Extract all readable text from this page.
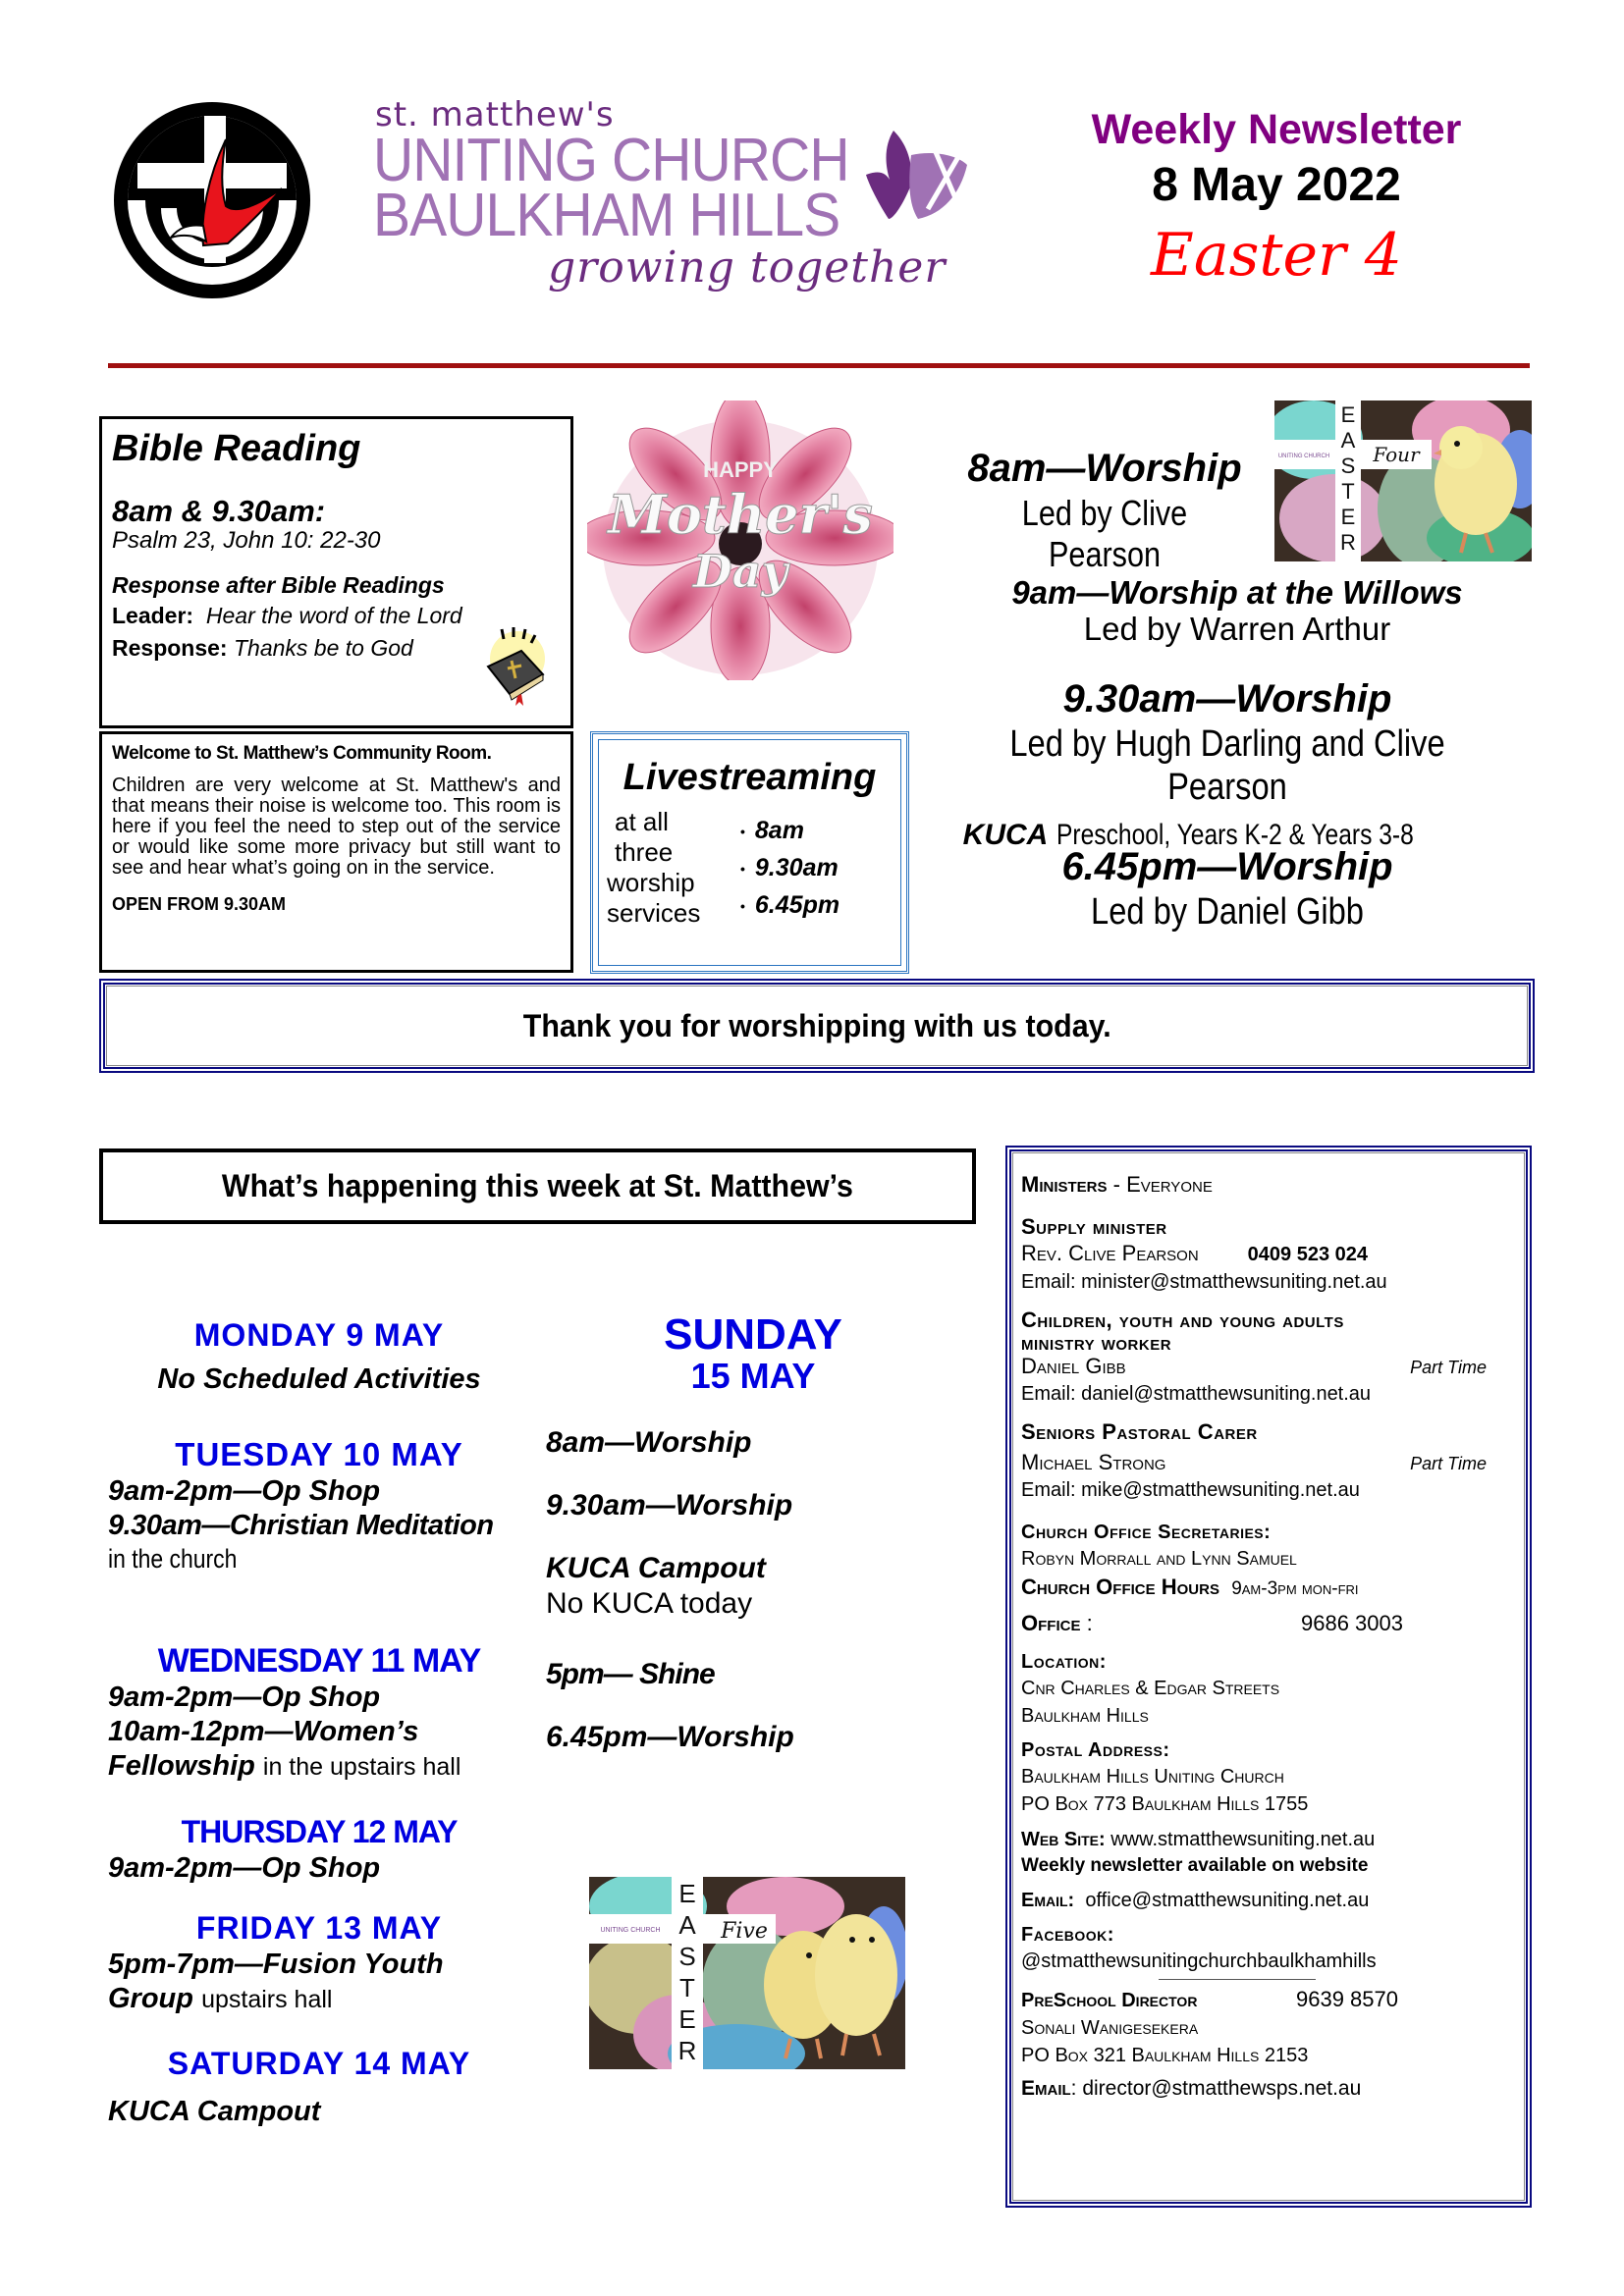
st. matthew's
UNITING CHURCH
BAULKHAM HILLS
growing together
Weekly Newsletter
8 May 2022
Easter 4
Bible Reading
8am & 9.30am:
Psalm 23, John 10: 22-30
Response after Bible Readings
Leader: Hear the word of the Lord
Response: Thanks be to God
Welcome to St. Matthew’s Community Room.
Children are very welcome at St. Matthew's and that means their noise is welcome too. This room is here if you feel the need to step out of the service or would like some more privacy but still want to see and hear what’s going on in the service.
OPEN FROM 9.30AM
HAPPY
Mother's
Day
Livestreaming
at all
three
worship
services
• 8am
• 9.30am
• 6.45pm
E
A
S
T
E
R
Four
UNITING CHURCH
8am—Worship
Led by Clive Pearson
9am—Worship at the Willows
Led by Warren Arthur
9.30am—Worship
Led by Hugh Darling and Clive Pearson
KUCA Preschool, Years K-2 & Years 3-8
6.45pm—Worship
Led by Daniel Gibb
Thank you for worshipping with us today.
What’s happening this week at St. Matthew’s
MONDAY 9 MAY
No Scheduled Activities
TUESDAY 10 MAY
9am-2pm—Op Shop
9.30am—Christian Meditation
in the church
WEDNESDAY 11 MAY
9am-2pm—Op Shop
10am-12pm—Women’s
Fellowship in the upstairs hall
THURSDAY 12 MAY
9am-2pm—Op Shop
FRIDAY 13 MAY
5pm-7pm—Fusion Youth
Group upstairs hall
SATURDAY 14 MAY
KUCA Campout
SUNDAY
15 MAY
8am—Worship
9.30am—Worship
KUCA Campout
No KUCA today
5pm— Shine
6.45pm—Worship
E
A
S
T
E
R
Five
UNITING CHURCH
Ministers - Everyone
Supply minister
Rev. Clive Pearson	0409 523 024
Email: minister@stmatthewsuniting.net.au
Children, youth and young adults
ministry worker
Daniel Gibb	Part Time
Email: daniel@stmatthewsuniting.net.au
Seniors Pastoral Carer
Michael Strong	Part Time
Email: mike@stmatthewsuniting.net.au
Church Office Secretaries:
Robyn Morrall and Lynn Samuel
Church Office Hours 9am-3pm mon-fri
Office :	9686 3003
Location:
Cnr Charles & Edgar Streets
Baulkham Hills
Postal Address:
Baulkham Hills Uniting Church
PO Box 773 Baulkham Hills 1755
Web Site: www.stmatthewsuniting.net.au
Weekly newsletter available on website
Email: office@stmatthewsuniting.net.au
Facebook:
@stmatthewsunitingchurchbaulkhamhills
PreSchool Director	9639 8570
Sonali Wanigesekera
PO Box 321 Baulkham Hills 2153
Email: director@stmatthewsps.net.au
